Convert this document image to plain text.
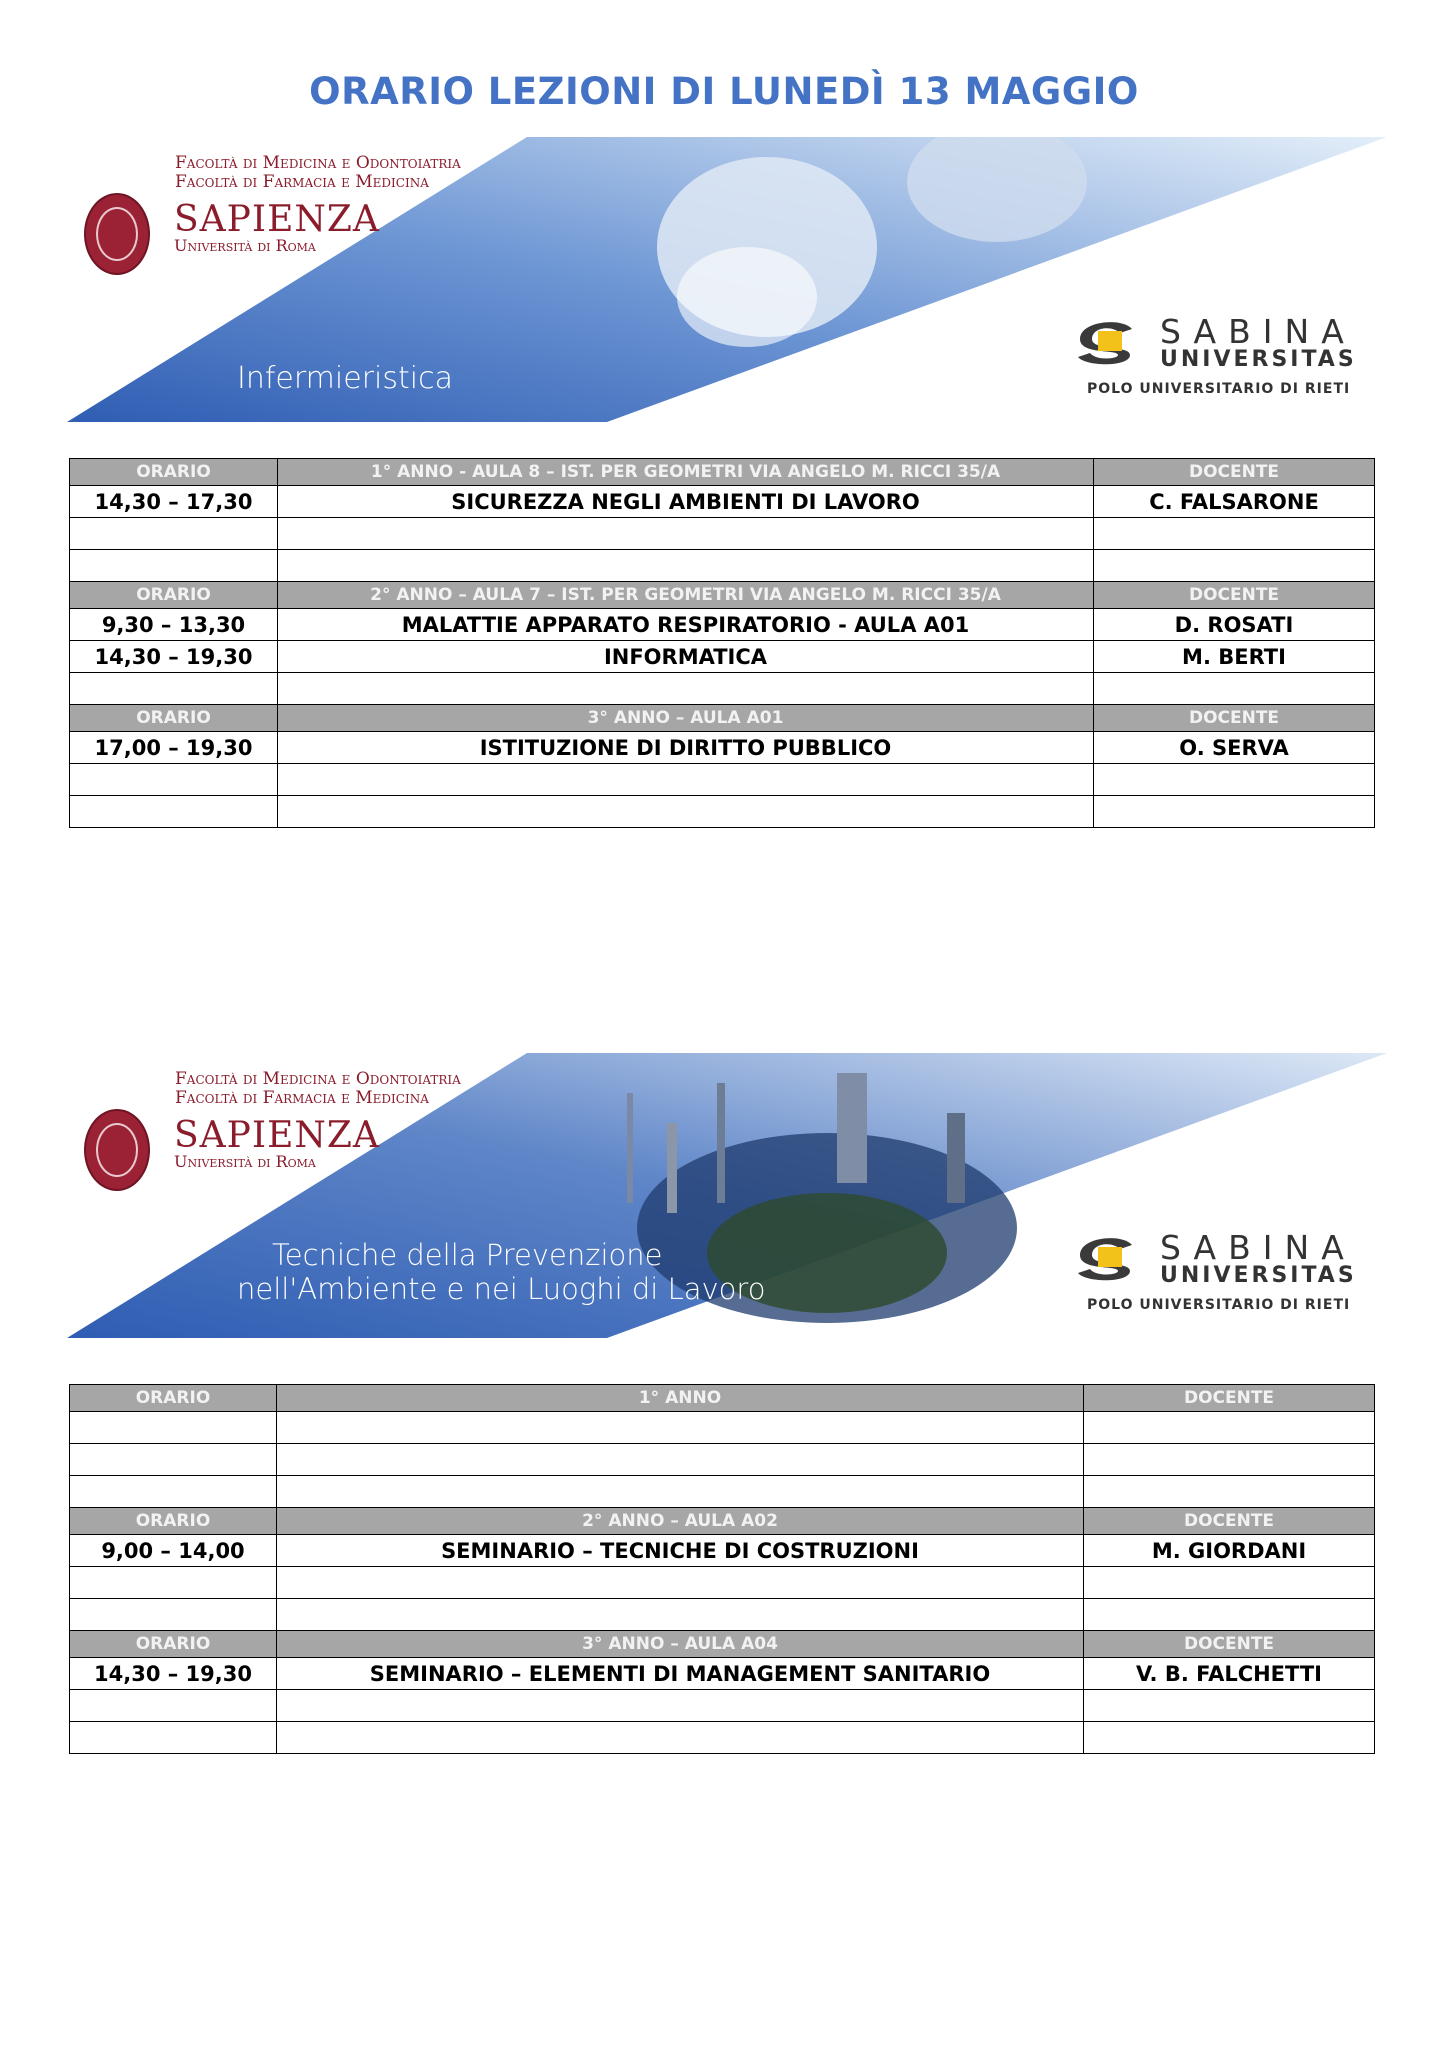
ORARIO LEZIONI DI LUNEDÌ 13 MAGGIO
Facoltà di Medicina e Odontoiatria
Facoltà di Farmacia e Medicina
SAPIENZA
Università di Roma
Infermieristica
SABINA
UNIVERSITAS
POLO UNIVERSITARIO DI RIETI
ORARIO	1° ANNO - AULA 8 – IST. PER GEOMETRI VIA ANGELO M. RICCI 35/A	DOCENTE
14,30 – 17,30	SICUREZZA NEGLI AMBIENTI DI LAVORO	C. FALSARONE

ORARIO	2° ANNO – AULA 7 – IST. PER GEOMETRI VIA ANGELO M. RICCI 35/A	DOCENTE
9,30 – 13,30	MALATTIE APPARATO RESPIRATORIO - AULA A01	D. ROSATI
14,30 – 19,30	INFORMATICA	M. BERTI

ORARIO	3° ANNO – AULA A01	DOCENTE
17,00 – 19,30	ISTITUZIONE DI DIRITTO PUBBLICO	O. SERVA

Facoltà di Medicina e Odontoiatria
Facoltà di Farmacia e Medicina
SAPIENZA
Università di Roma
Tecniche della Prevenzione
nell'Ambiente e nei Luoghi di Lavoro
SABINA
UNIVERSITAS
POLO UNIVERSITARIO DI RIETI
ORARIO	1° ANNO	DOCENTE

ORARIO	2° ANNO – AULA A02	DOCENTE
9,00 – 14,00	SEMINARIO – TECNICHE DI COSTRUZIONI	M. GIORDANI

ORARIO	3° ANNO – AULA A04	DOCENTE
14,30 – 19,30	SEMINARIO – ELEMENTI DI MANAGEMENT SANITARIO	V. B. FALCHETTI
